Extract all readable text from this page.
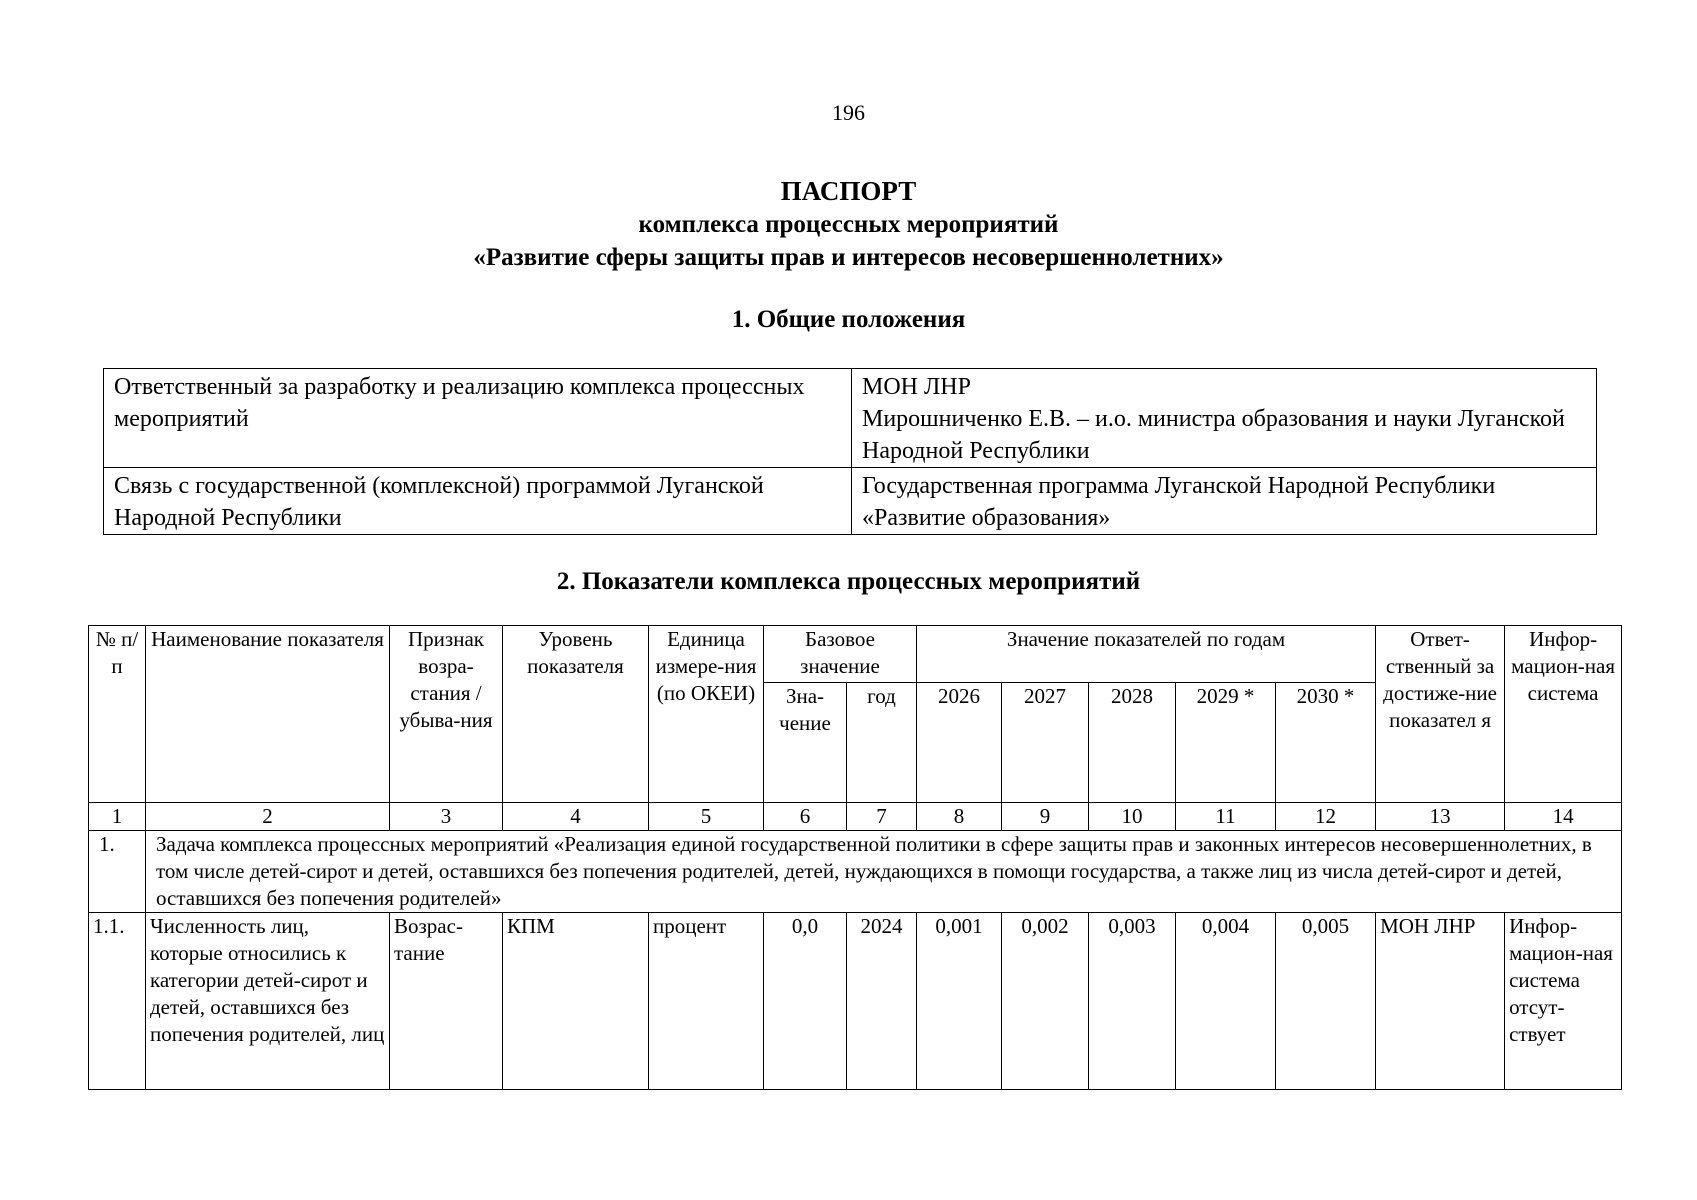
196
ПАСПОРТ
комплекса процессных мероприятий
«Развитие сферы защиты прав и интересов несовершеннолетних»
1. Общие положения
Ответственный за разработку и реализацию комплекса процессных мероприятий	МОН ЛНР
Мирошниченко Е.В. – и.о. министра образования и науки Луганской Народной Республики

Связь с государственной (комплексной) программой Луганской Народной Республики	Государственная программа Луганской Народной Республики «Развитие образования»
2. Показатели комплекса процессных мероприятий
№ п/п	Наименование показателя	Признак возра-стания / убыва-ния	Уровень показателя	Единица измере-ния (по ОКЕИ)	Базовое значение		Значение показателей по годам					Ответ-ственный за достиже-ние показател я	Инфор-мацион-ная система
					Зна-чение	год	2026	2027	2028	2029 *	2030 *		
1	2	3	4	5	6	7	8	9	10	11	12	13	14
1.	Задача комплекса процессных мероприятий «Реализация единой государственной политики в сфере защиты прав и законных интересов несовершеннолетних, в том числе детей-сирот и детей, оставшихся без попечения родителей, детей, нуждающихся в помощи государства, а также лиц из числа детей-сирот и детей, оставшихся без попечения родителей»												
1.1.	Численность лиц, которые относились к категории детей-сирот и детей, оставшихся без попечения родителей, лиц	Возрас-тание	КПМ	процент	0,0	2024	0,001	0,002	0,003	0,004	0,005	МОН ЛНР	Инфор-мацион-ная система отсут-ствует
